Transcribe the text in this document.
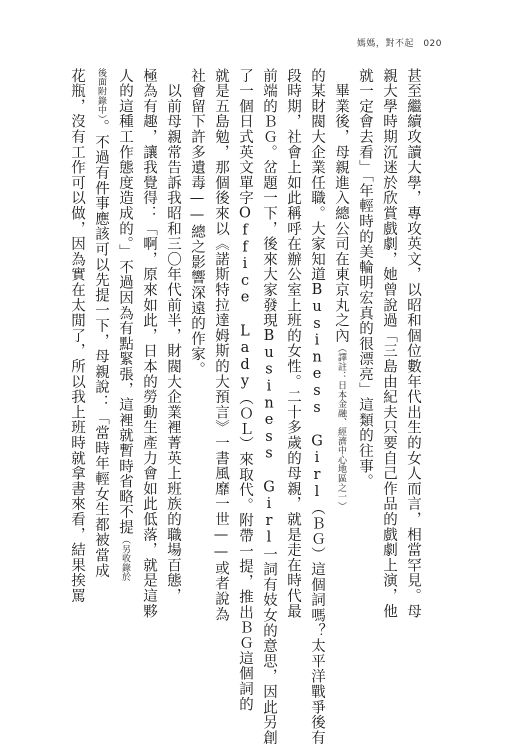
媽媽，對不起 020
甚至繼續攻讀大學，專攻英文，以昭和個位數年代出生的女人而言，相當罕見。母
親大學時期沉迷於欣賞戲劇，她曾說過「三島由紀夫只要自己作品的戲劇上演，他
就一定會去看」「年輕時的美輪明宏真的很漂亮」這類的往事。
　畢業後，母親進入總公司在東京丸之內（譯註：日本金融、經濟中心地區之一）
的某財閥大企業任職。大家知道Business Girl（ＢＧ）這個詞嗎？太平洋戰爭後有
段時期，社會上如此稱呼在辦公室上班的女性。二十多歲的母親，就是走在時代最
前端的ＢＧ。岔題一下，後來大家發現Business Girl一詞有妓女的意思，因此另創
了一個日式英文單字Office Lady（ＯＬ）來取代。附帶一提，推出ＢＧ這個詞的
就是五島勉，那個後來以《諾斯特拉達姆斯的大預言》一書風靡一世——或者說為
社會留下許多遺毒——總之影響深遠的作家。
　以前母親常告訴我昭和三〇年代前半，財閥大企業裡菁英上班族的職場百態，
極為有趣，讓我覺得：「啊，原來如此，日本的勞動生產力會如此低落，就是這夥
人的這種工作態度造成的。」不過因為有點緊張，這裡就暫時省略不提（另收錄於
後面附錄中）。不過有件事應該可以先提一下，母親說：「當時年輕女生都被當成
花瓶，沒有工作可以做，因為實在太閒了，所以我上班時就拿書來看，結果挨罵
